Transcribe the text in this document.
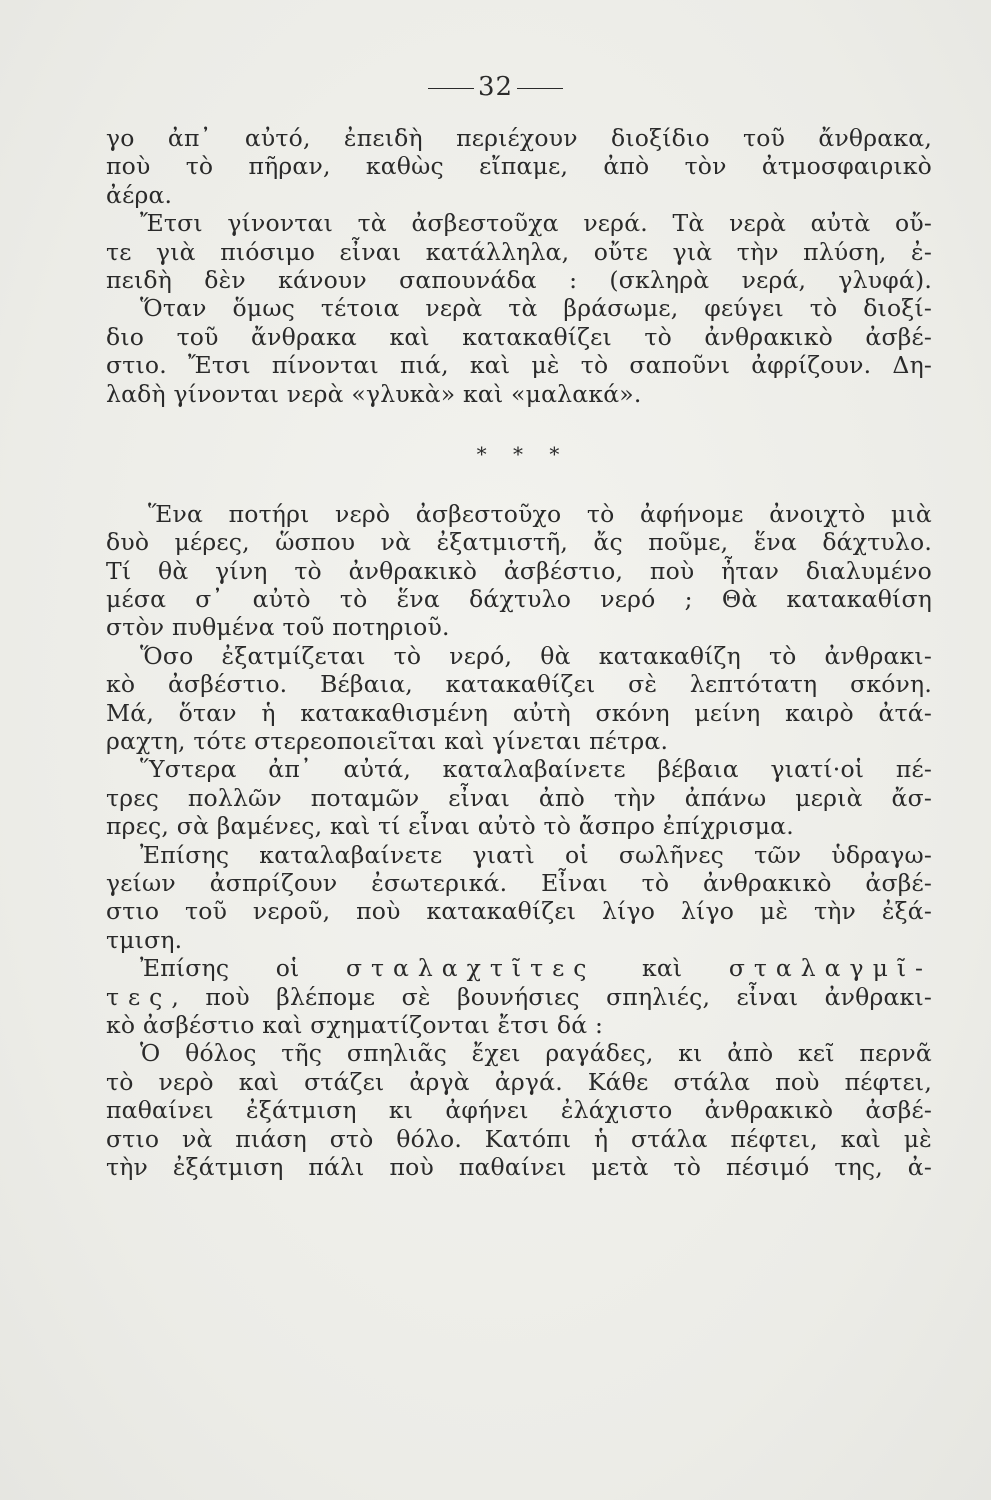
32
γο ἀπ᾽ αὐτό, ἐπειδὴ περιέχουν διοξίδιο τοῦ ἄνθρακα,
ποὺ τὸ πῆραν, καθὼς εἴπαμε, ἀπὸ τὸν ἀτμοσφαιρικὸ
ἀέρα.
Ἔτσι γίνονται τὰ ἀσβεστοῦχα νερά. Τὰ νερὰ αὐτὰ οὔ-
τε γιὰ πιόσιμο εἶναι κατάλληλα, οὔτε γιὰ τὴν πλύση, ἐ-
πειδὴ δὲν κάνουν σαπουνάδα : (σκληρὰ νερά, γλυφά).
Ὅταν ὅμως τέτοια νερὰ τὰ βράσωμε, φεύγει τὸ διοξί-
διο τοῦ ἄνθρακα καὶ κατακαθίζει τὸ ἀνθρακικὸ ἀσβέ-
στιο. Ἔτσι πίνονται πιά, καὶ μὲ τὸ σαποῦνι ἀφρίζουν. Δη-
λαδὴ γίνονται νερὰ «γλυκὰ» καὶ «μαλακά».
* * *
Ἕνα ποτήρι νερὸ ἀσβεστοῦχο τὸ ἀφήνομε ἀνοιχτὸ μιὰ
δυὸ μέρες, ὥσπου νὰ ἐξατμιστῆ, ἄς ποῦμε, ἕνα δάχτυλο.
Τί θὰ γίνη τὸ ἀνθρακικὸ ἀσβέστιο, ποὺ ἦταν διαλυμένο
μέσα σ᾽ αὐτὸ τὸ ἕνα δάχτυλο νερό ; Θὰ κατακαθίση
στὸν πυθμένα τοῦ ποτηριοῦ.
Ὅσο ἐξατμίζεται τὸ νερό, θὰ κατακαθίζη τὸ ἀνθρακι-
κὸ ἀσβέστιο. Βέβαια, κατακαθίζει σὲ λεπτότατη σκόνη.
Μά, ὅταν ἡ κατακαθισμένη αὐτὴ σκόνη μείνη καιρὸ ἀτά-
ραχτη, τότε στερεοποιεῖται καὶ γίνεται πέτρα.
Ὕστερα ἀπ᾽ αὐτά, καταλαβαίνετε βέβαια γιατί·οἱ πέ-
τρες πολλῶν ποταμῶν εἶναι ἀπὸ τὴν ἀπάνω μεριὰ ἄσ-
πρες, σὰ βαμένες, καὶ τί εἶναι αὐτὸ τὸ ἄσπρο ἐπίχρισμα.
Ἐπίσης καταλαβαίνετε γιατὶ οἱ σωλῆνες τῶν ὑδραγω-
γείων ἀσπρίζουν ἐσωτερικά. Εἶναι τὸ ἀνθρακικὸ ἀσβέ-
στιο τοῦ νεροῦ, ποὺ κατακαθίζει λίγο λίγο μὲ τὴν ἐξά-
τμιση.
Ἐπίσης οἱ σταλαχτῖτες καὶ σταλαγμῖ-
τες, ποὺ βλέπομε σὲ βουνήσιες σπηλιές, εἶναι ἀνθρακι-
κὸ ἀσβέστιο καὶ σχηματίζονται ἔτσι δά :
Ὁ θόλος τῆς σπηλιᾶς ἔχει ραγάδες, κι ἀπὸ κεῖ περνᾶ
τὸ νερὸ καὶ στάζει ἀργὰ ἀργά. Κάθε στάλα ποὺ πέφτει,
παθαίνει ἐξάτμιση κι ἀφήνει ἐλάχιστο ἀνθρακικὸ ἀσβέ-
στιο νὰ πιάση στὸ θόλο. Κατόπι ἡ στάλα πέφτει, καὶ μὲ
τὴν ἐξάτμιση πάλι ποὺ παθαίνει μετὰ τὸ πέσιμό της, ἀ-
